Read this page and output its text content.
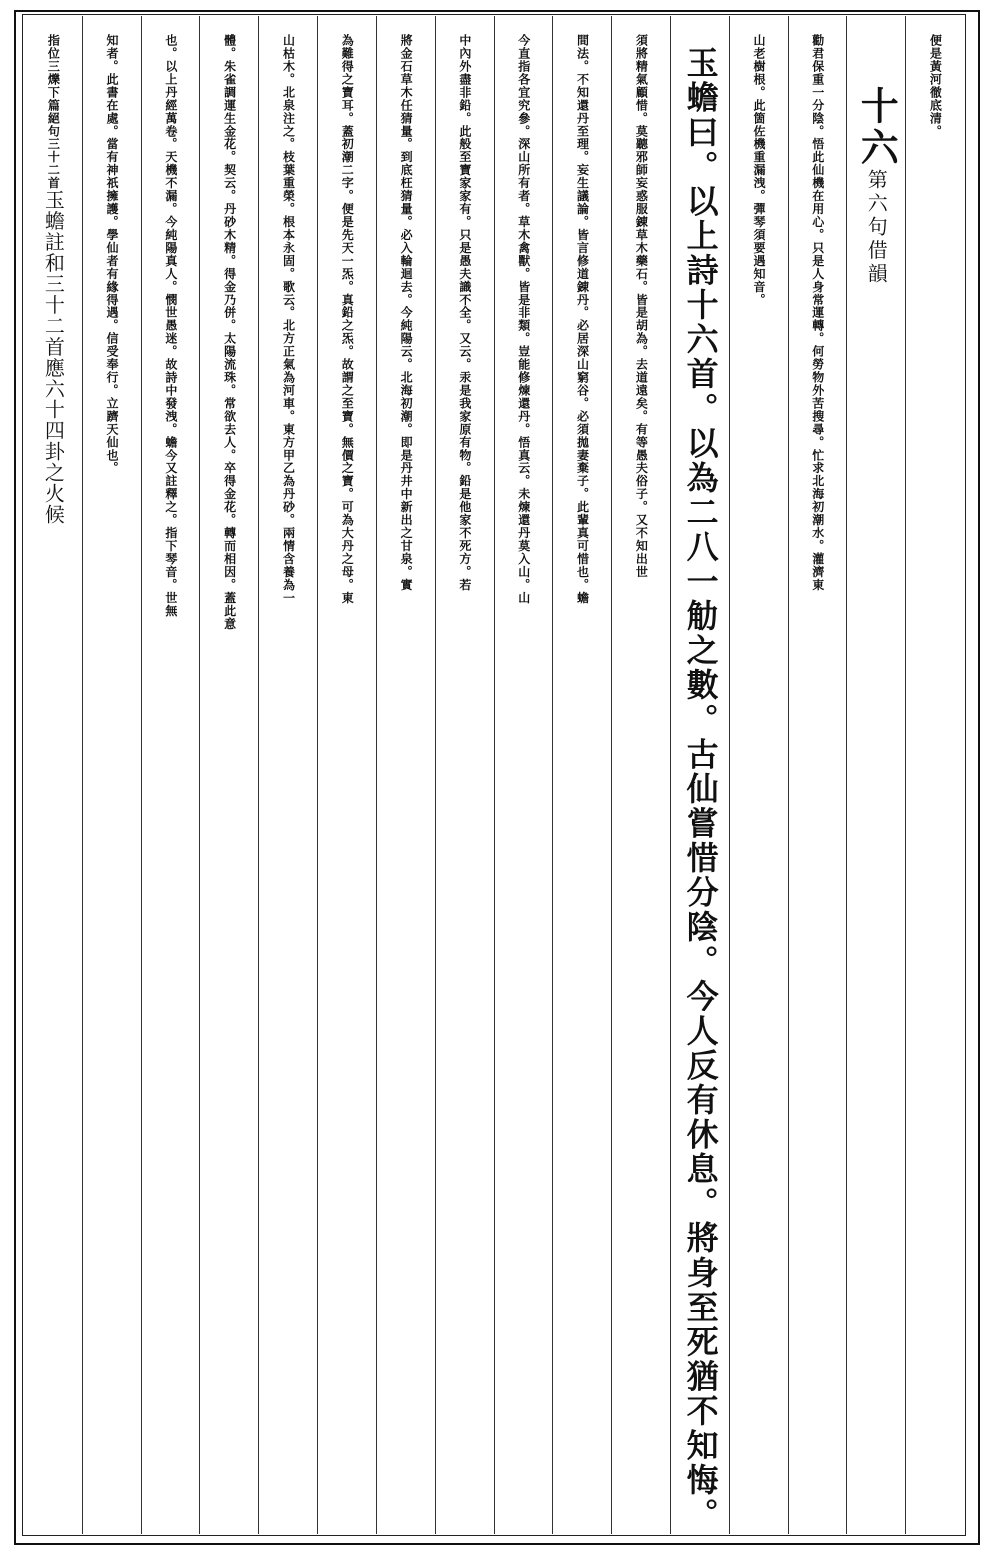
便是黃河徹底清。
十六第六句借韻
勸君保重一分陰。悟此仙機在用心。只是人身常運轉。何勞物外苦搜尋。忙求北海初潮水。灌濟東
山老樹根。此箇佐機重漏洩。彈琴須要遇知音。
玉蟾曰。以上詩十六首。以為二八一觔之數。古仙嘗惜分陰。今人反有休息。將身至死猶不知悔。
須將精氣顧惜。莫聽邪師妄惑服錬草木藥石。皆是胡為。去道遠矣。有等愚夫俗子。又不知出世
間法。不知還丹至理。妄生議論。皆言修道錬丹。必居深山窮谷。必須拋妻棄子。此輩真可惜也。蟾
今直指各宜究參。深山所有者。草木禽獸。皆是非類。豈能修煉還丹。悟真云。未煉還丹莫入山。山
中內外盡非鉛。此般至寶家家有。只是愚夫識不全。又云。汞是我家原有物。鉛是他家不死方。若
將金石草木任猜量。到底枉猜量。必入輪迴去。今純陽云。北海初潮。即是丹井中新出之甘泉。實
為難得之寶耳。蓋初潮二字。便是先天一炁。真鉛之炁。故謂之至寶。無價之寶。可為大丹之母。東
山枯木。北泉注之。枝葉重榮。根本永固。歌云。北方正氣為河車。東方甲乙為丹砂。兩情含養為一
體。朱雀調運生金花。契云。丹砂木精。得金乃併。太陽流珠。常欲去人。卒得金花。轉而相因。蓋此意
也。以上丹經萬卷。天機不漏。今純陽真人。憫世愚迷。故詩中發洩。蟾今又註釋之。指下琴音。世無
知者。此書在處。當有神祇擁護。學仙者有緣得遇。信受奉行。立躋天仙也。
指位三爍下篇絕句三十二首玉蟾註和三十二首應六十四卦之火候
